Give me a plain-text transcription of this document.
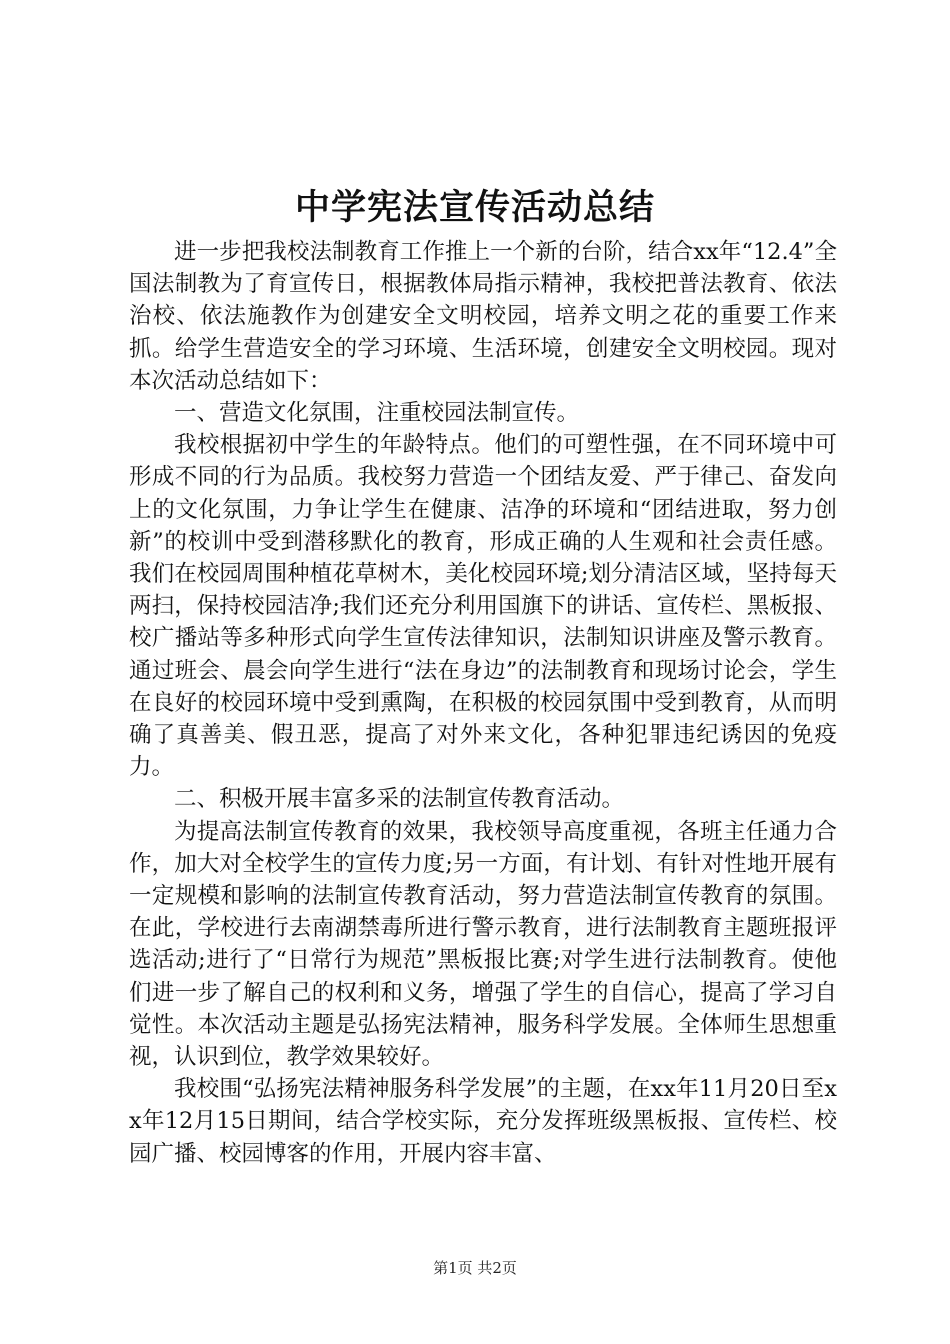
中学宪法宣传活动总结

进一步把我校法制教育工作推上一个新的台阶，结合xx年“12.4”全国法制教为了育宣传日，根据教体局指示精神，我校把普法教育、依法治校、依法施教作为创建安全文明校园，培养文明之花的重要工作来抓。给学生营造安全的学习环境、生活环境，创建安全文明校园。现对本次活动总结如下：

一、营造文化氛围，注重校园法制宣传。

我校根据初中学生的年龄特点。他们的可塑性强，在不同环境中可形成不同的行为品质。我校努力营造一个团结友爱、严于律己、奋发向上的文化氛围，力争让学生在健康、洁净的环境和“团结进取，努力创新”的校训中受到潜移默化的教育，形成正确的人生观和社会责任感。我们在校园周围种植花草树木，美化校园环境;划分清洁区域，坚持每天两扫，保持校园洁净;我们还充分利用国旗下的讲话、宣传栏、黑板报、校广播站等多种形式向学生宣传法律知识，法制知识讲座及警示教育。通过班会、晨会向学生进行“法在身边”的法制教育和现场讨论会，学生在良好的校园环境中受到熏陶，在积极的校园氛围中受到教育，从而明确了真善美、假丑恶，提高了对外来文化，各种犯罪违纪诱因的免疫力。

二、积极开展丰富多采的法制宣传教育活动。

为提高法制宣传教育的效果，我校领导高度重视，各班主任通力合作，加大对全校学生的宣传力度;另一方面，有计划、有针对性地开展有一定规模和影响的法制宣传教育活动，努力营造法制宣传教育的氛围。在此，学校进行去南湖禁毒所进行警示教育，进行法制教育主题班报评选活动;进行了“日常行为规范”黑板报比赛;对学生进行法制教育。使他们进一步了解自己的权利和义务，增强了学生的自信心，提高了学习自觉性。本次活动主题是弘扬宪法精神，服务科学发展。全体师生思想重视，认识到位，教学效果较好。

我校围“弘扬宪法精神服务科学发展”的主题，在xx年11月20日至xx年12月15日期间，结合学校实际，充分发挥班级黑板报、宣传栏、校园广播、校园博客的作用，开展内容丰富、

第1页 共2页
